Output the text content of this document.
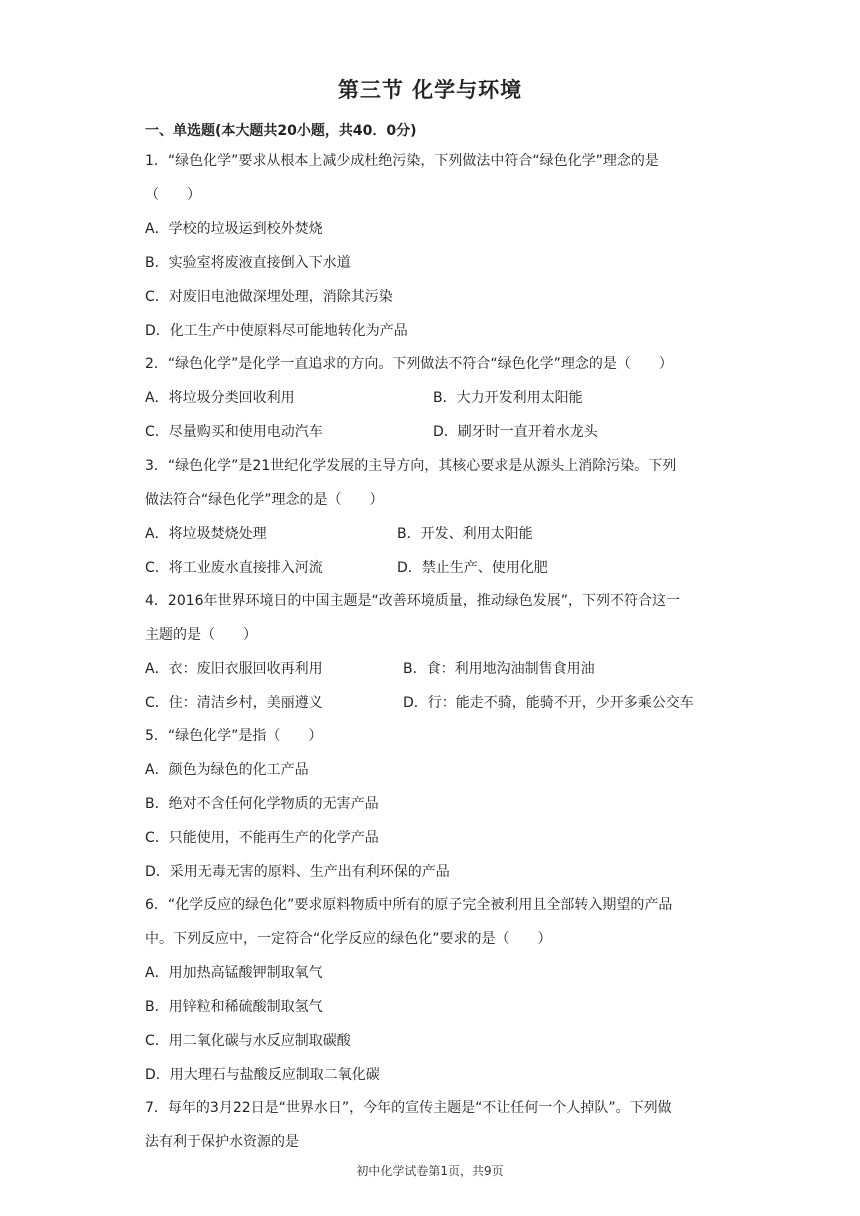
第三节 化学与环境
一、单选题(本大题共20小题，共40．0分)
1．“绿色化学”要求从根本上减少成杜绝污染，下列做法中符合“绿色化学”理念的是
（　　）
A．学校的垃圾运到校外焚烧
B．实验室将废液直接倒入下水道
C．对废旧电池做深埋处理，消除其污染
D．化工生产中使原料尽可能地转化为产品
2．“绿色化学”是化学一直追求的方向。下列做法不符合“绿色化学”理念的是（　　）
A．将垃圾分类回收利用	B．大力开发利用太阳能
C．尽量购买和使用电动汽车	D．刷牙时一直开着水龙头
3．“绿色化学”是21世纪化学发展的主导方向，其核心要求是从源头上消除污染。下列
做法符合“绿色化学”理念的是（　　）
A．将垃圾焚烧处理	B．开发、利用太阳能
C．将工业废水直接排入河流	D．禁止生产、使用化肥
4．2016年世界环境日的中国主题是“改善环境质量，推动绿色发展”，下列不符合这一
主题的是（　　）
A．衣：废旧衣服回收再利用	B．食：利用地沟油制售食用油
C．住：清洁乡村，美丽遵义	D．行：能走不骑，能骑不开，少开多乘公交车
5．“绿色化学”是指（　　）
A．颜色为绿色的化工产品
B．绝对不含任何化学物质的无害产品
C．只能使用，不能再生产的化学产品
D．采用无毒无害的原料、生产出有利环保的产品
6．“化学反应的绿色化”要求原料物质中所有的原子完全被利用且全部转入期望的产品
中。下列反应中，一定符合“化学反应的绿色化”要求的是（　　）
A．用加热高锰酸钾制取氧气
B．用锌粒和稀硫酸制取氢气
C．用二氧化碳与水反应制取碳酸
D．用大理石与盐酸反应制取二氧化碳
7．每年的3月22日是“世界水日”，今年的宣传主题是“不让任何一个人掉队”。下列做
法有利于保护水资源的是
初中化学试卷第1页，共9页
